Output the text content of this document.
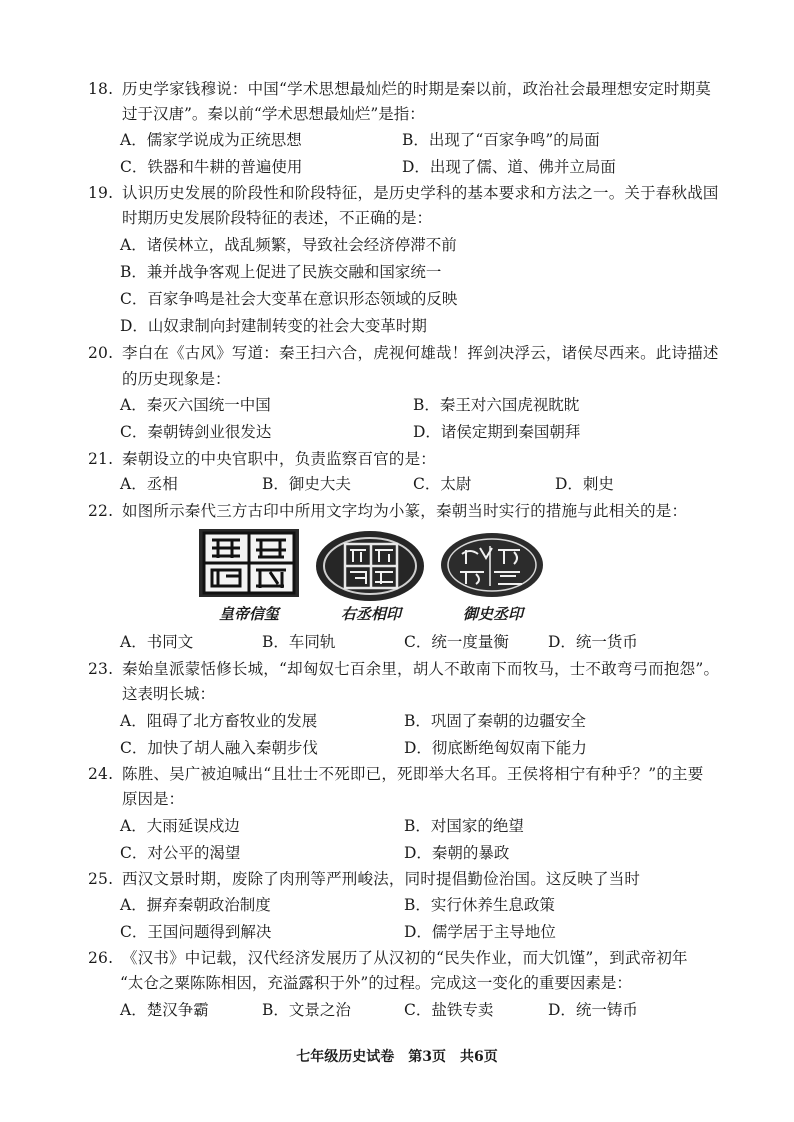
18. 历史学家钱穆说：中国“学术思想最灿烂的时期是秦以前，政治社会最理想安定时期莫
过于汉唐”。秦以前“学术思想最灿烂”是指：
A．儒家学说成为正统思想	B．出现了“百家争鸣”的局面
C．铁器和牛耕的普遍使用	D．出现了儒、道、佛并立局面
19. 认识历史发展的阶段性和阶段特征，是历史学科的基本要求和方法之一。关于春秋战国
时期历史发展阶段特征的表述，不正确的是：
A．诸侯林立，战乱频繁，导致社会经济停滞不前
B．兼并战争客观上促进了民族交融和国家统一
C．百家争鸣是社会大变革在意识形态领域的反映
D．山奴隶制向封建制转变的社会大变革时期
20. 李白在《古风》写道：秦王扫六合，虎视何雄哉！挥剑决浮云，诸侯尽西来。此诗描述
的历史现象是：
A．秦灭六国统一中国	B．秦王对六国虎视眈眈
C．秦朝铸剑业很发达	D．诸侯定期到秦国朝拜
21. 秦朝设立的中央官职中，负责监察百官的是：
A．丞相	B．御史大夫	C．太尉	D．刺史
22. 如图所示秦代三方古印中所用文字均为小篆，秦朝当时实行的措施与此相关的是：
皇帝信玺	右丞相印	御史丞印
A．书同文	B．车同轨	C．统一度量衡	D．统一货币
23. 秦始皇派蒙恬修长城，“却匈奴七百余里，胡人不敢南下而牧马，士不敢弯弓而抱怨”。
这表明长城：
A．阻碍了北方畜牧业的发展	B．巩固了秦朝的边疆安全
C．加快了胡人融入秦朝步伐	D．彻底断绝匈奴南下能力
24. 陈胜、吴广被迫喊出“且壮士不死即已，死即举大名耳。王侯将相宁有种乎？”的主要
原因是：
A．大雨延误戍边	B．对国家的绝望
C．对公平的渴望	D．秦朝的暴政
25. 西汉文景时期，废除了肉刑等严刑峻法，同时提倡勤俭治国。这反映了当时
A．摒弃秦朝政治制度	B．实行休养生息政策
C．王国问题得到解决	D．儒学居于主导地位
26. 《汉书》中记载，汉代经济发展历了从汉初的“民失作业，而大饥馑”，到武帝初年
“太仓之粟陈陈相因，充溢露积于外”的过程。完成这一变化的重要因素是：
A．楚汉争霸	B．文景之治	C．盐铁专卖	D．统一铸币
七年级历史试卷　第3页　共6页
